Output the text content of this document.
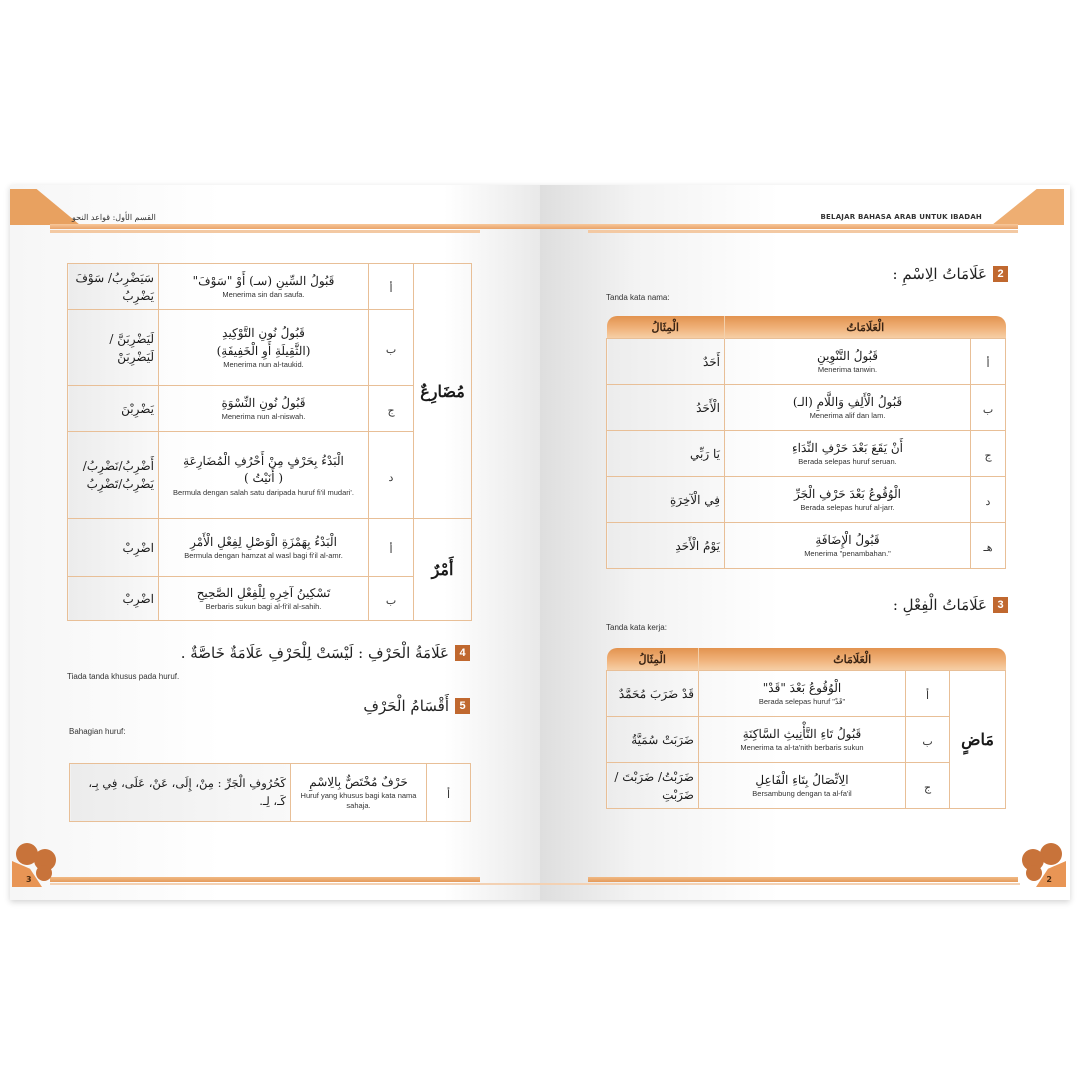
القسم الأول: قواعد النحو
سَيَضْرِبُ/ سَوْفَ يَضْرِبُ	قَبُولُ السِّينِ (سـ) أَوْ "سَوْفَ"
Menerima sin dan saufa.	أ	مُضَارِعٌ

لَيَضْرِبَنَّ / لَيَضْرِبَنْ	قَبُولُ نُونِ التَّوْكِيدِ
(الثَّقِيلَةِ أَوِ الْخَفِيفَةِ)
Menerima nun al-taukid.	ب	

يَضْرِبْنَ	قَبُولُ نُونِ النِّسْوَةِ
Menerima nun al-niswah.	ج	

أَضْرِبُ/نَضْرِبُ/ يَضْرِبُ/تَضْرِبُ	الْبَدْءُ بِحَرْفٍ مِنْ أَحْرُفِ الْمُضَارِعَةِ
( أَنَيْتُ )
Bermula dengan salah satu daripada huruf fi'il mudari'.	د	

اضْرِبْ	الْبَدْءُ بِهَمْزَةِ الْوَصْلِ لِفِعْلِ الْأَمْرِ
Bermula dengan hamzat al wasl bagi fi'il al-amr.	أ	أَمْرٌ

اضْرِبْ	تَسْكِينُ آخِرِهِ لِلْفِعْلِ الصَّحِيحِ
Berbaris sukun bagi al-fi'il al-sahih.	ب	
4
عَلَامَةُ الْحَرْفِ : لَيْسَتْ لِلْحَرْفِ عَلَامَةٌ خَاصَّةٌ .
Tiada tanda khusus pada huruf.
5
أَقْسَامُ الْحَرْفِ
Bahagian huruf:
كَحُرُوفِ الْجَرِّ : مِنْ، إِلَى، عَنْ، عَلَى، فِي بِـ، كَـ، لِـ.

حَرْفٌ مُخْتَصٌّ بِالِاسْمِ
Huruf yang khusus bagi kata nama sahaja.
	أ
3
BELAJAR BAHASA ARAB UNTUK IBADAH
2
عَلَامَاتُ الِاسْمِ :
Tanda kata nama:
الْمِثَالُ	الْعَلَامَاتُ	

أَحَدٌ	قَبُولُ التَّنْوِينِ
Menerima tanwin.	أ

الْأَحَدُ	قَبُولُ الْأَلِفِ وَاللَّامِ (الـ)
Menerima alif dan lam.	ب

يَا رَبِّي	أَنْ يَقَعَ بَعْدَ حَرْفِ النِّدَاءِ
Berada selepas huruf seruan.	ج

فِي الْآخِرَةِ	الْوُقُوعُ بَعْدَ حَرْفِ الْجَرِّ
Berada selepas huruf al-jarr.	د

يَوْمُ الْأَحَدِ	قَبُولُ الْإِضَافَةِ
Menerima "penambahan."	هـ
3
عَلَامَاتُ الْفِعْلِ :
Tanda kata kerja:
الْمِثَالُ	الْعَلَامَاتُ		

قَدْ ضَرَبَ مُحَمَّدٌ	الْوُقُوعُ بَعْدَ "قَدْ"
Berada selepas huruf "قَدْ"	أ	مَاضٍ

ضَرَبَتْ سُمَيَّةُ	قَبُولُ تَاءِ التَّأْنِيثِ السَّاكِنَةِ
Menerima ta al-ta'nith berbaris sukun	ب	

ضَرَبْتُ/ ضَرَبْتَ / ضَرَبْتِ	الِاتِّصَالُ بِتَاءِ الْفَاعِلِ
Bersambung dengan ta al-fa'il	ج	
2
